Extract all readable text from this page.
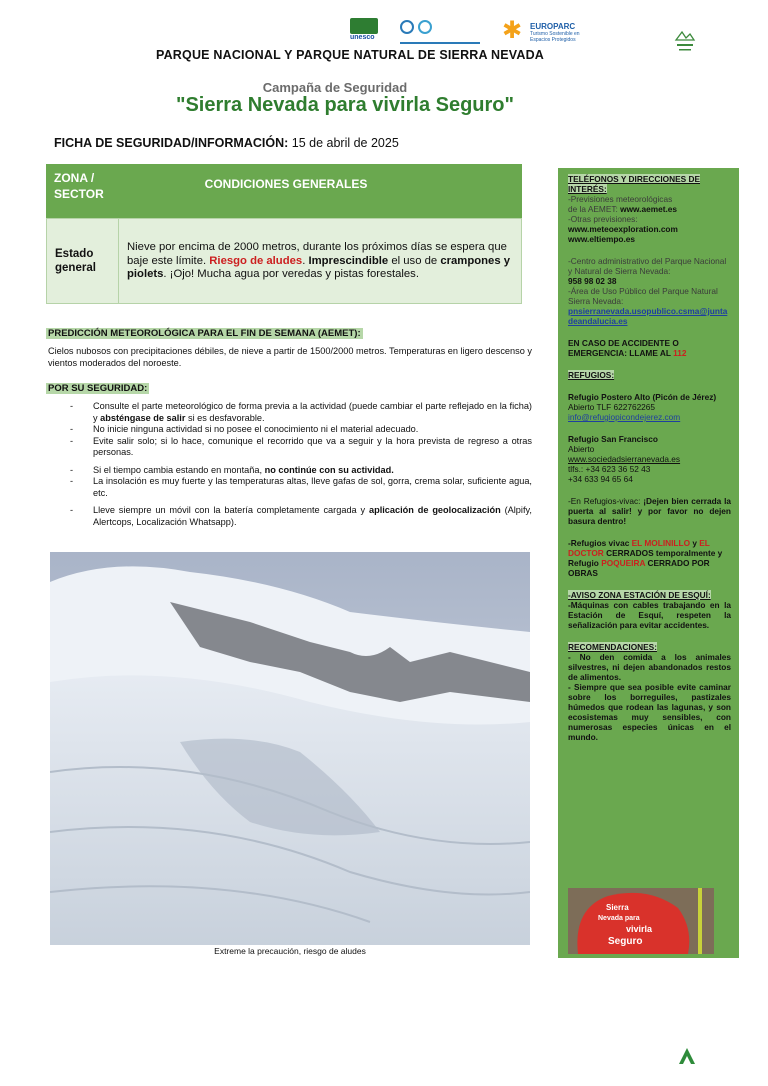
unesco
	✱ EUROPARC
Turismo Sostenible en Espacios Protegidos
PARQUE NACIONAL Y PARQUE NATURAL DE SIERRA NEVADA
Campaña de Seguridad
"Sierra Nevada para vivirla Seguro"
FICHA DE SEGURIDAD/INFORMACIÓN: 15 de abril de 2025
ZONA /
SECTOR
CONDICIONES GENERALES
Estado
general
Nieve por encima de 2000 metros, durante los próximos días se espera que baje este límite. Riesgo de aludes. Imprescindible el uso de crampones y piolets. ¡Ojo! Mucha agua por veredas y pistas forestales.
PREDICCIÓN METEOROLÓGICA PARA EL FIN DE SEMANA (AEMET):
Cielos nubosos con precipitaciones débiles, de nieve a partir de 1500/2000 metros. Temperaturas en ligero descenso y vientos moderados del noroeste.
POR SU SEGURIDAD:
- Consulte el parte meteorológico de forma previa a la actividad (puede cambiar el parte reflejado en la ficha) y absténgase de salir si es desfavorable.
- No inicie ninguna actividad si no posee el conocimiento ni el material adecuado.
- Evite salir solo; si lo hace, comunique el recorrido que va a seguir y la hora prevista de regreso a otras personas.
- Si el tiempo cambia estando en montaña, no continúe con su actividad.
- La insolación es muy fuerte y las temperaturas altas, lleve gafas de sol, gorra, crema solar, suficiente agua, etc.
- Lleve siempre un móvil con la batería completamente cargada y aplicación de geolocalización (Alpify, Alertcops, Localización Whatsapp).
Extreme la precaución, riesgo de aludes
TELÉFONOS Y DIRECCIONES DE INTERÉS:
-Previsiones meteorológicas
de la AEMET: www.aemet.es
-Otras previsiones:
www.meteoexploration.com
www.eltiempo.es
-Centro administrativo del Parque Nacional y Natural de Sierra Nevada:
958 98 02 38
-Área de Uso Público del Parque Natural Sierra Nevada:
pnsierranevada.usopublico.csma@juntadeandalucia.es
EN CASO DE ACCIDENTE O EMERGENCIA: LLAME AL 112
REFUGIOS:
Refugio Postero Alto (Picón de Jérez)
Abierto TLF 622762265
info@refugiopicondejerez.com
Refugio San Francisco
Abierto
www.sociedadsierranevada.es
tlfs.: +34 623 36 52 43
+34 633 94 65 64
-En Refugios-vivac: ¡Dejen bien cerrada la puerta al salir! y por favor no dejen basura dentro!
-Refugios vivac EL MOLINILLO y EL DOCTOR CERRADOS temporalmente y Refugio POQUEIRA CERRADO POR OBRAS
-AVISO ZONA ESTACIÓN DE ESQUÍ:
-Máquinas con cables trabajando en la Estación de Esquí, respeten la señalización para evitar accidentes.
RECOMENDACIONES:
- No den comida a los animales silvestres, ni dejen abandonados restos de alimentos.
- Siempre que sea posible evite caminar sobre los borreguiles, pastizales húmedos que rodean las lagunas, y son ecosistemas muy sensibles, con numerosas especies únicas en el mundo.
Sierra
Nevada para
vivirla
Seguro
